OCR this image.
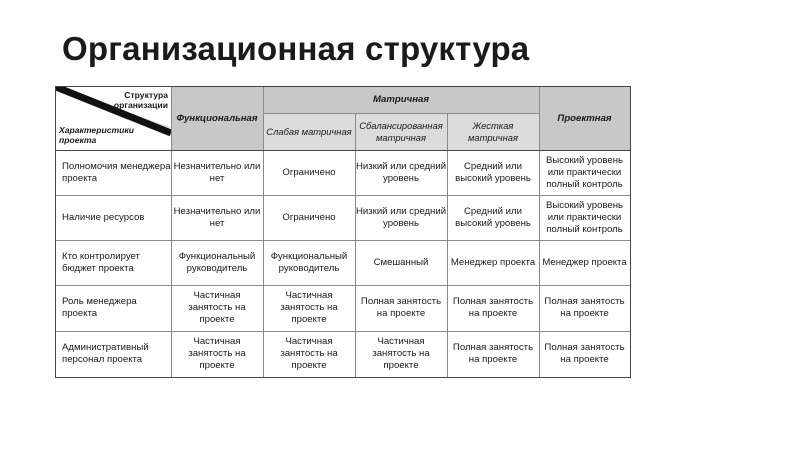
Организационная структура
Структура организации
Характеристики проекта
Функциональная
Матричная
Проектная
Слабая матричная
Сбалансированная матричная
Жесткая матричная
Полномочия менеджера проекта
Незначительно или нет
Ограничено
Низкий или средний уровень
Средний или высокий уровень
Высокий уровень или практически полный контроль
Наличие ресурсов
Незначительно или нет
Ограничено
Низкий или средний уровень
Средний или высокий уровень
Высокий уровень или практически полный контроль
Кто контролирует бюджет проекта
Функциональный руководитель
Функциональный руководитель
Смешанный	Менеджер проекта Менеджер проекта
Роль менеджера проекта
Частичная занятость на проекте
Частичная занятость на проекте
Полная занятость на проекте
Полная занятость на проекте
Полная занятость на проекте
Административный персонал проекта
Частичная занятость на проекте
Частичная занятость на проекте
Частичная занятость на проекте
Полная занятость на проекте
Полная занятость на проекте
